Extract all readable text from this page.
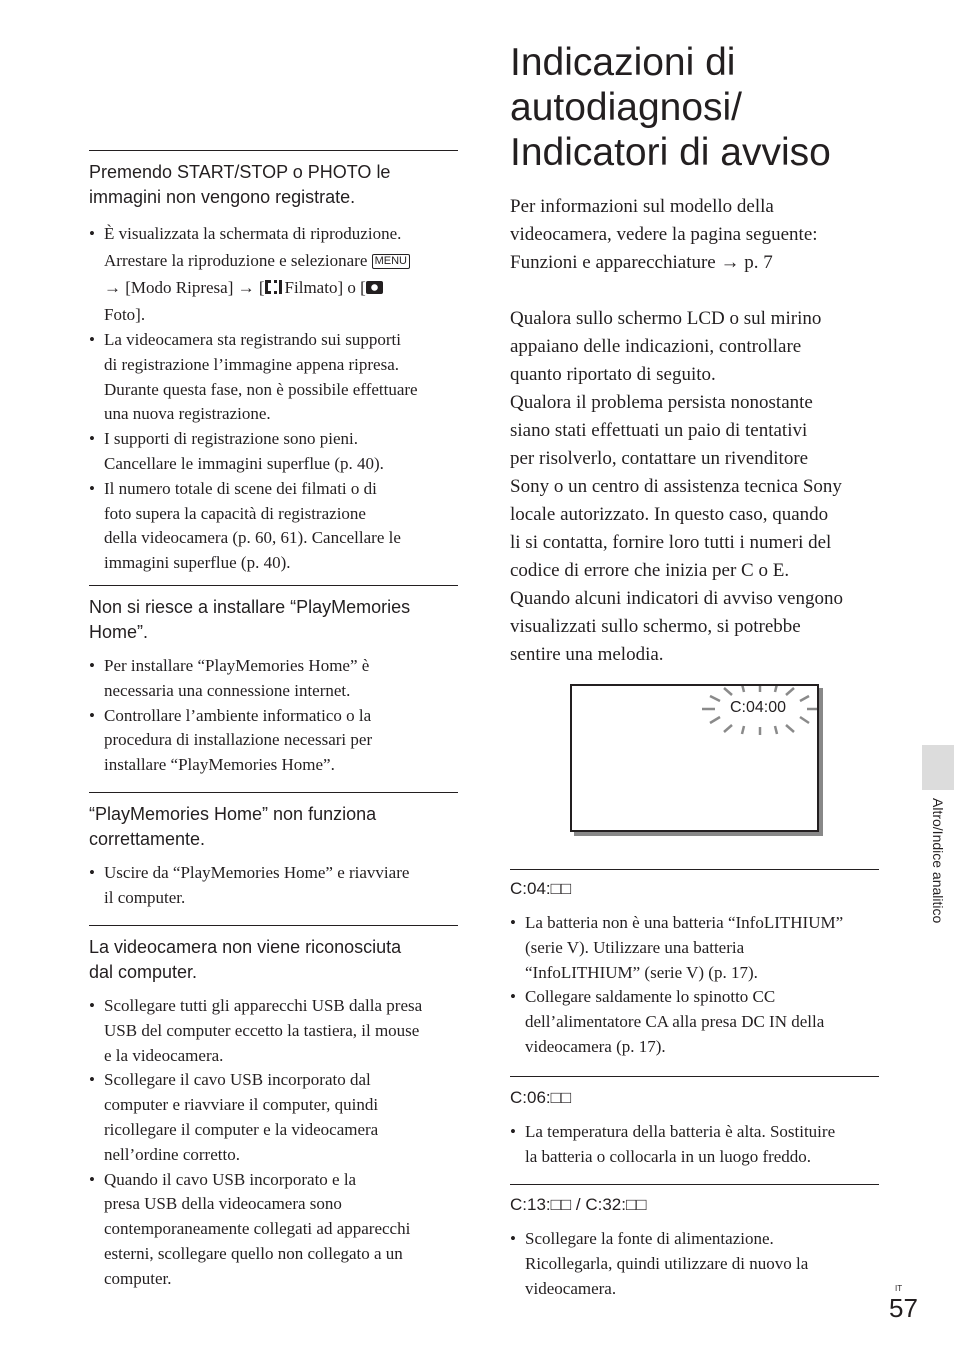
Indicazioni di
autodiagnosi/
Indicatori di avviso
Premendo START/STOP o PHOTO le
immagini non vengono registrate.
• È visualizzata la schermata di riproduzione.
Arrestare la riproduzione e selezionare MENU
→ [Modo Ripresa] → [ Filmato] o [
Foto].
• La videocamera sta registrando sui supporti
di registrazione l’immagine appena ripresa.
Durante questa fase, non è possibile effettuare
una nuova registrazione.
• I supporti di registrazione sono pieni.
Cancellare le immagini superflue (p. 40).
• Il numero totale di scene dei filmati o di
foto supera la capacità di registrazione
della videocamera (p. 60, 61). Cancellare le
immagini superflue (p. 40).
Non si riesce a installare “PlayMemories
Home”.
• Per installare “PlayMemories Home” è
necessaria una connessione internet.
• Controllare l’ambiente informatico o la
procedura di installazione necessari per
installare “PlayMemories Home”.
“PlayMemories Home” non funziona
correttamente.
• Uscire da “PlayMemories Home” e riavviare
il computer.
La videocamera non viene riconosciuta
dal computer.
• Scollegare tutti gli apparecchi USB dalla presa
USB del computer eccetto la tastiera, il mouse
e la videocamera.
• Scollegare il cavo USB incorporato dal
computer e riavviare il computer, quindi
ricollegare il computer e la videocamera
nell’ordine corretto.
• Quando il cavo USB incorporato e la
presa USB della videocamera sono
contemporaneamente collegati ad apparecchi
esterni, scollegare quello non collegato a un
computer.
Per informazioni sul modello della
videocamera, vedere la pagina seguente:
Funzioni e apparecchiature → p. 7
Qualora sullo schermo LCD o sul mirino
appaiano delle indicazioni, controllare
quanto riportato di seguito.
Qualora il problema persista nonostante
siano stati effettuati un paio di tentativi
per risolverlo, contattare un rivenditore
Sony o un centro di assistenza tecnica Sony
locale autorizzato. In questo caso, quando
li si contatta, fornire loro tutti i numeri del
codice di errore che inizia per C o E.
Quando alcuni indicatori di avviso vengono
visualizzati sullo schermo, si potrebbe
sentire una melodia.
C:04:00
C:04:□□
• La batteria non è una batteria “InfoLITHIUM”
(serie V). Utilizzare una batteria
“InfoLITHIUM” (serie V) (p. 17).
• Collegare saldamente lo spinotto CC
dell’alimentatore CA alla presa DC IN della
videocamera (p. 17).
C:06:□□
• La temperatura della batteria è alta. Sostituire
la batteria o collocarla in un luogo freddo.
C:13:□□ / C:32:□□
• Scollegare la fonte di alimentazione.
Ricollegarla, quindi utilizzare di nuovo la
videocamera.
Altro/Indice analitico
IT
57
